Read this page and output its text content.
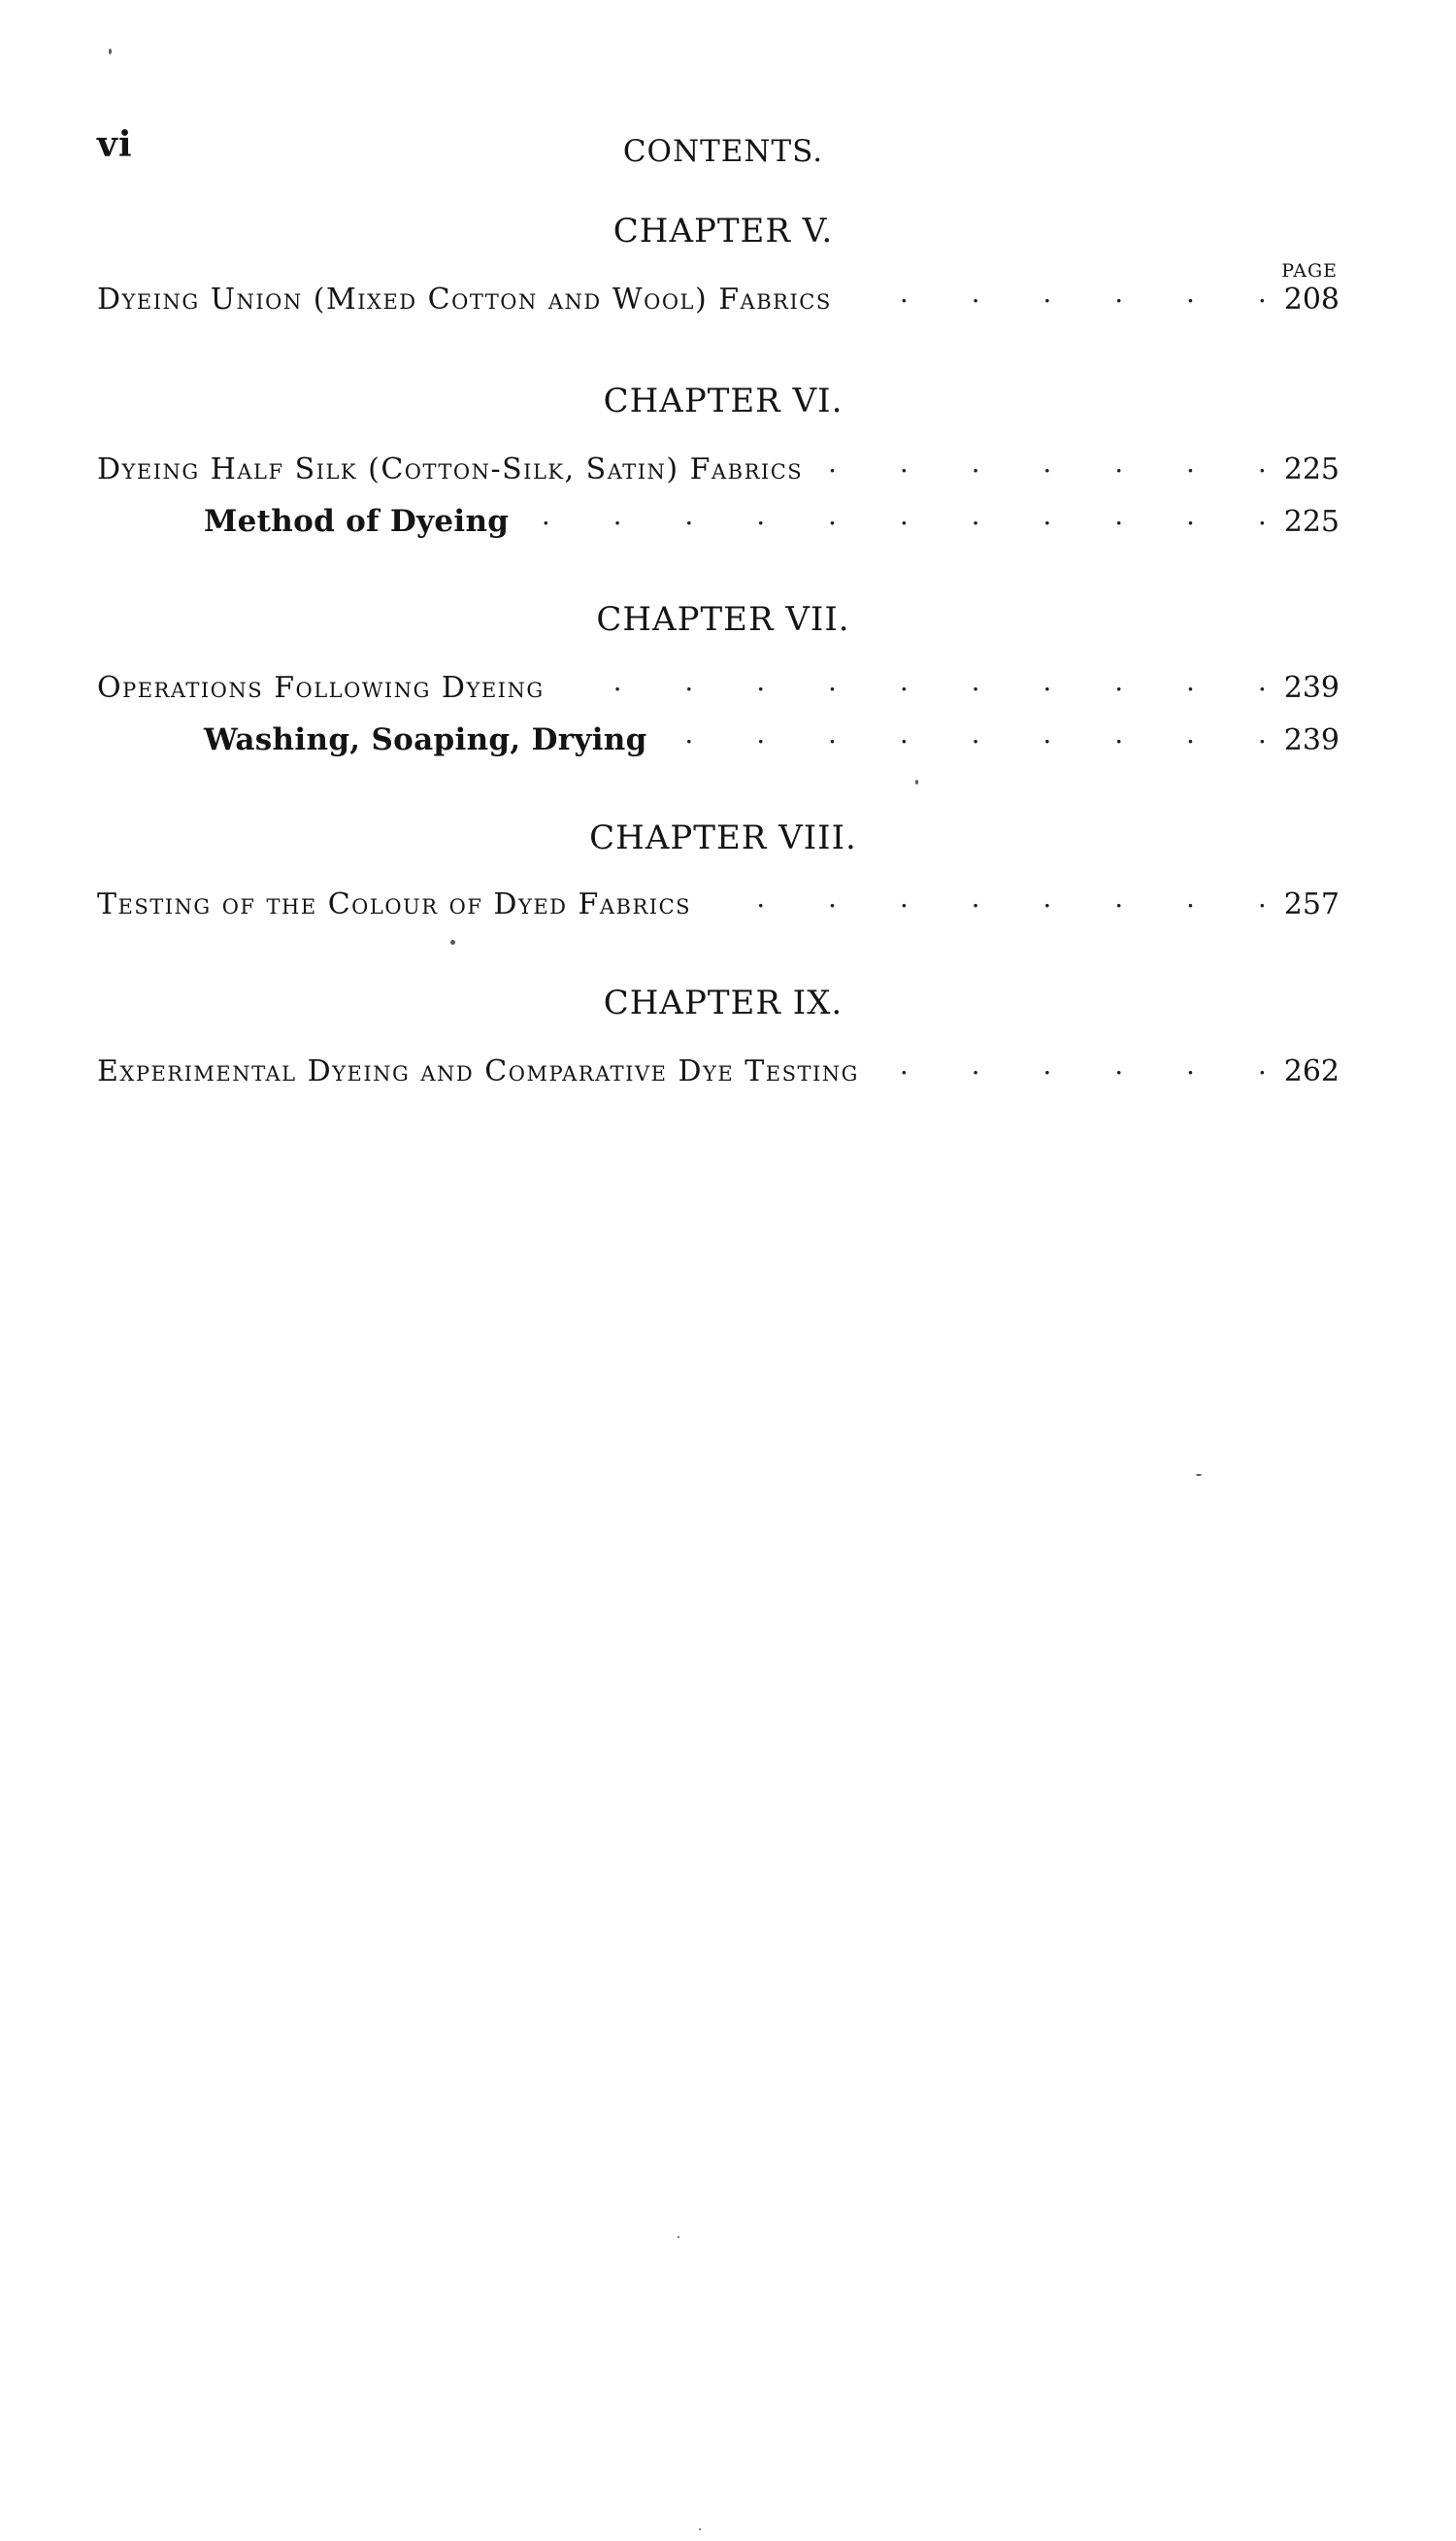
vi	CONTENTS.
CHAPTER V.
PAGE
Dyeing Union (Mixed Cotton and Wool) Fabrics . . .	208
CHAPTER VI.
Dyeing Half Silk (Cotton-Silk, Satin) Fabrics . . .	225
Method of Dyeing . . .	225
CHAPTER VII.
Operations Following Dyeing . . .	239
Washing, Soaping, Drying . . .	239
CHAPTER VIII.
Testing of the Colour of Dyed Fabrics . . .	257
CHAPTER IX.
Experimental Dyeing and Comparative Dye Testing . . .	262
